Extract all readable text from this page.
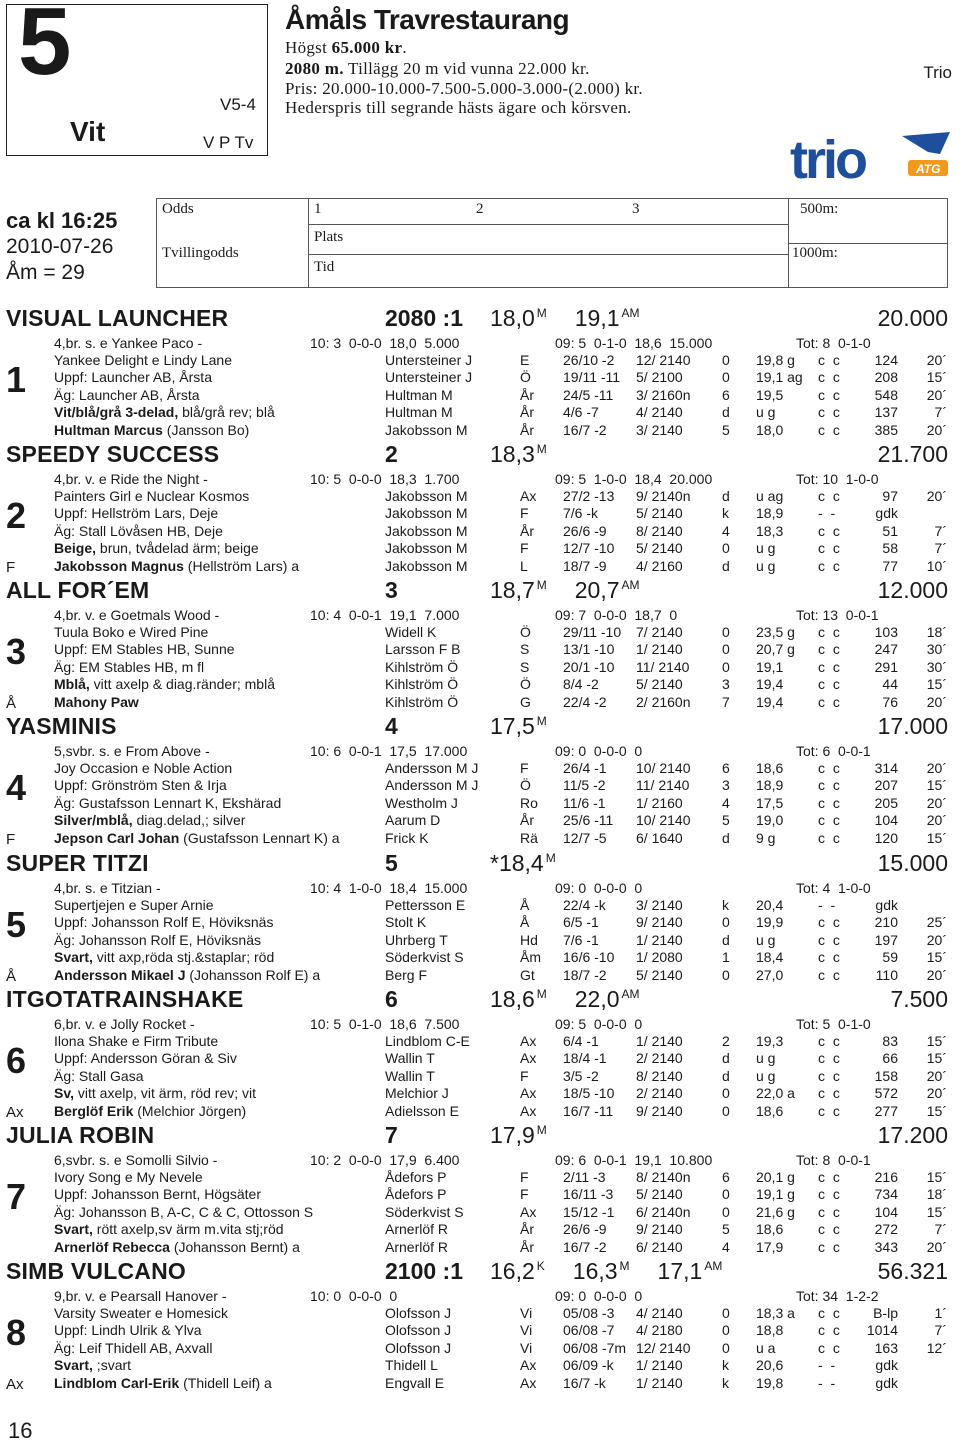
5
Vit
Trio
V5-4
V P Tv
Åmåls Travrestaurang
Högst 65.000 kr.
2080 m. Tillägg 20 m vid vunna 22.000 kr.
Pris: 20.000-10.000-7.500-5.000-3.000-(2.000) kr.
Hederspris till segrande hästs ägare och körsven.
trio	ATG
ca kl 16:25
2010-07-26
Åm = 29
Odds
Tvillingodds
1	2	3
Plats
Tid
500m:
1000m:
VISUAL LAUNCHER	2080 :1 18,0 $^M$ 19,1 $^{AM}$	20.000
1

4,br. s. e Yankee Paco -

	10: 3  0-0-0  18,0  5.000

	09: 5  0-1-0  18,6  15.000

	Tot: 8  0-1-0

Yankee Delight e Lindy Lane	Untersteiner J	E 26/10 -2 12/ 2140 0 19,8 g c c	124	20´
Uppf: Launcher AB, Årsta	Untersteiner J	Ö 19/11 -11 5/ 2100	0 19,1 ag c c	208	15´
Äg: Launcher AB, Årsta	Hultman M	År 24/5 -11 3/ 2160n 6 19,5 c c	548	20´
Vit/blå/grå 3-delad, blå/grå rev; blå	Hultman M	År 4/6 -7	4/ 2140	d u g	c c	137	7´
Hultman Marcus (Jansson Bo)	Jakobsson M	År 16/7 -2 3/ 2140	5 18,0 c c	385	20´
SPEEDY SUCCESS	2	18,3 $^M$	21.700
2
F

4,br. v. e Ride the Night -

	10: 5  0-0-0  18,3  1.700

	09: 5  1-0-0  18,4  20.000

	Tot: 10  1-0-0

Painters Girl e Nuclear Kosmos	Jakobsson M	Ax 27/2 -13 9/ 2140n d u ag c c	97	20´
Uppf: Hellström Lars, Deje	Jakobsson M	F 7/6 -k	5/ 2140	k 18,9 - -	gdk
Äg: Stall Lövåsen HB, Deje	Jakobsson M	År 26/6 -9 8/ 2140	4 18,3 c c	51	7´
Beige, brun, tvådelad ärm; beige	Jakobsson M	F 12/7 -10 5/ 2140	0 u g	c c	58	7´
Jakobsson Magnus (Hellström Lars) a	Jakobsson M	L	18/7 -9 4/ 2160	d u g	c c	77	10´
ALL FOR´EM	3	18,7 $^M$ 20,7 $^{AM}$	12.000
3
Å

4,br. v. e Goetmals Wood -

	10: 4  0-0-1  19,1  7.000

	09: 7  0-0-0  18,7  0

	Tot: 13  0-0-1

Tuula Boko e Wired Pine	Widell K	Ö 29/11 -10 7/ 2140	0 23,5 g c c	103	18´
Uppf: EM Stables HB, Sunne	Larsson F B	S 13/1 -10 1/ 2140	0 20,7 g c c	247	30´
Äg: EM Stables HB, m fl	Kihlström Ö	S 20/1 -10 11/ 2140 0 19,1 c c	291	30´
Mblå, vitt axelp & diag.ränder; mblå	Kihlström Ö	Ö 8/4 -2	5/ 2140	3 19,4 c c	44	15´
Mahony Paw	Kihlström Ö	G 22/4 -2 2/ 2160n 7 19,4 c c	76	20´
YASMINIS	4	17,5 $^M$	17.000
4
F

5,svbr. s. e From Above -

	10: 6  0-0-1  17,5  17.000

	09: 0  0-0-0  0

	Tot: 6  0-0-1

Joy Occasion e Noble Action	Andersson M J	F 26/4 -1 10/ 2140 6 18,6 c c	314	20´
Uppf: Grönström Sten & Irja	Andersson M J	Ö 11/5 -2 11/ 2140 3 18,9 c c	207	15´
Äg: Gustafsson Lennart K, Ekshärad	Westholm J	Ro 11/6 -1 1/ 2160	4 17,5 c c	205	20´
Silver/mblå, diag.delad,; silver	Aarum D	År 25/6 -11 10/ 2140 5 19,0 c c	104	20´
Jepson Carl Johan (Gustafsson Lennart K) a	Frick K	Rä 12/7 -5 6/ 1640	d 9 g	c c	120	15´
SUPER TITZI	5	*18,4 $^M$	15.000
5
Å

4,br. s. e Titzian -

	10: 4  1-0-0  18,4  15.000

	09: 0  0-0-0  0

	Tot: 4  1-0-0

Supertjejen e Super Arnie	Pettersson E	Å 22/4 -k 3/ 2140	k 20,4 - -	gdk
Uppf: Johansson Rolf E, Höviksnäs	Stolt K	Å 6/5 -1	9/ 2140	0 19,9 c c	210	25´
Äg: Johansson Rolf E, Höviksnäs	Uhrberg T	Hd 7/6 -1	1/ 2140	d u g	c c	197	20´
Svart, vitt axp,röda stj.&staplar; röd	Söderkvist S	Åm 16/6 -10 1/ 2080	1 18,4 c c	59	15´
Andersson Mikael J (Johansson Rolf E) a	Berg F	Gt 18/7 -2 5/ 2140	0 27,0 c c	110	20´
ITGOTATRAINSHAKE	6	18,6 $^M$ 22,0 $^{AM}$	7.500
6
Ax

6,br. v. e Jolly Rocket -

	10: 5  0-1-0  18,6  7.500

	09: 5  0-0-0  0

	Tot: 5  0-1-0

Ilona Shake e Firm Tribute	Lindblom C-E	Ax 6/4 -1	1/ 2140	2 19,3 c c	83	15´
Uppf: Andersson Göran & Siv	Wallin T	Ax 18/4 -1 2/ 2140	d u g	c c	66	15´
Äg: Stall Gasa	Wallin T	F 3/5 -2	8/ 2140	d u g	c c	158	20´
Sv, vitt axelp, vit ärm, röd rev; vit	Melchior J	Ax 18/5 -10 2/ 2140	0 22,0 a c c	572	20´
Berglöf Erik (Melchior Jörgen)	Adielsson E	Ax 16/7 -11 9/ 2140	0 18,6 c c	277	15´
JULIA ROBIN	7	17,9 $^M$	17.200
7

6,svbr. s. e Somolli Silvio -

	10: 2  0-0-0  17,9  6.400

	09: 6  0-0-1  19,1  10.800

	Tot: 8  0-0-1

Ivory Song e My Nevele	Ådefors P	F 2/11 -3 8/ 2140n 6 20,1 g c c	216	15´
Uppf: Johansson Bernt, Högsäter	Ådefors P	F 16/11 -3 5/ 2140	0 19,1 g c c	734	18´
Äg: Johansson B, A-C, C & C, Ottosson S	Söderkvist S	Ax 15/12 -1 6/ 2140n 0 21,6 g c c	104	15´
Svart, rött axelp,sv ärm m.vita stj;röd	Arnerlöf R	År 26/6 -9 9/ 2140	5 18,6 c c	272	7´
Arnerlöf Rebecca (Johansson Bernt) a	Arnerlöf R	År 16/7 -2 6/ 2140	4 17,9 c c	343	20´
SIMB VULCANO	2100 :1 16,2 $^K$ 16,3 $^M$ 17,1 $^{AM}$	56.321
8
Ax

9,br. v. e Pearsall Hanover -

	10: 0  0-0-0  0

	09: 0  0-0-0  0

	Tot: 34  1-2-2

Varsity Sweater e Homesick	Olofsson J	Vi 05/08 -3 4/ 2140	0 18,3 a c c	B-lp	1´
Uppf: Lindh Ulrik & Ylva	Olofsson J	Vi 06/08 -7 4/ 2180	0 18,8 c c	1014	7´
Äg: Leif Thidell AB, Axvall	Olofsson J	Vi 06/08 -7m 12/ 2140 0 u a	c c	163	12´
Svart, ;svart	Thidell L	Ax 06/09 -k 1/ 2140	k 20,6 - -	gdk
Lindblom Carl-Erik (Thidell Leif) a	Engvall E	Ax 16/7 -k 1/ 2140	k 19,8 - -	gdk
16
